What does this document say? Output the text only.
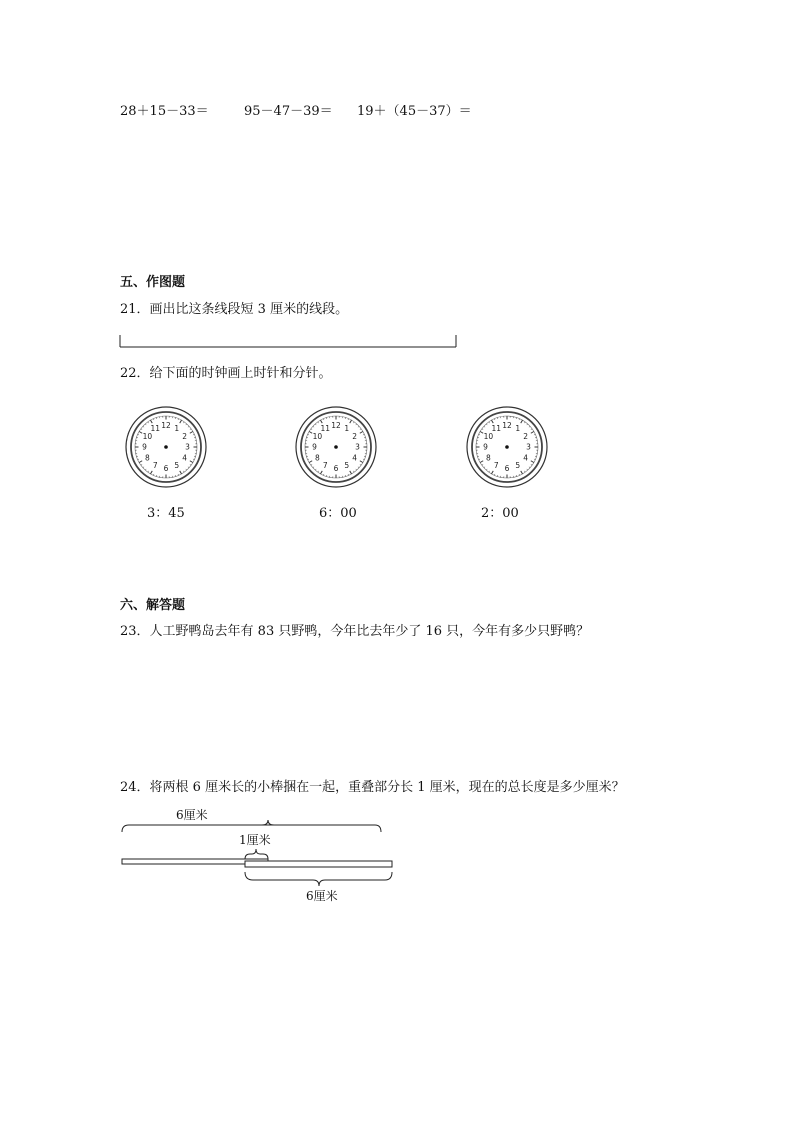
28＋15－33＝	95－47－39＝ 19＋（45－37）＝
五、作图题
21．画出比这条线段短 3 厘米的线段。
22．给下面的时钟画上时针和分针。
12 1
2
3
4
5
6
7
8
9
10
11	12 1
2
3
4
5
6
7
8
9
10
11	12 1
2
3
4
5
6
7
8
9
10
11
3：45	6：00	2：00
六、解答题
23．人工野鸭岛去年有 83 只野鸭，今年比去年少了 16 只，今年有多少只野鸭？
24．将两根 6 厘米长的小棒捆在一起，重叠部分长 1 厘米，现在的总长度是多少厘米？
6厘米
1厘米
6厘米
